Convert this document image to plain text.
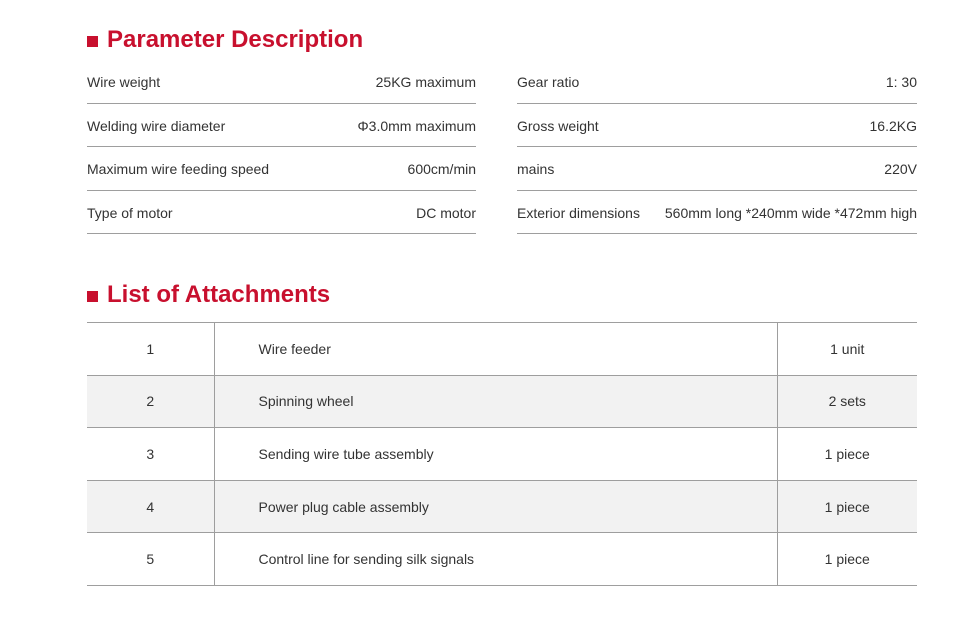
Parameter Description
Wire weight	25KG maximum
Welding wire diameter	Φ3.0mm maximum
Maximum wire feeding speed	600cm/min
Type of motor	DC motor
Gear ratio	1: 30
Gross weight	16.2KG
mains	220V
Exterior dimensions 560mm long *240mm wide *472mm high
List of Attachments
1	Wire feeder	1 unit
2	Spinning wheel	2 sets
3	Sending wire tube assembly	1 piece
4	Power plug cable assembly	1 piece
5	Control line for sending silk signals	1 piece
